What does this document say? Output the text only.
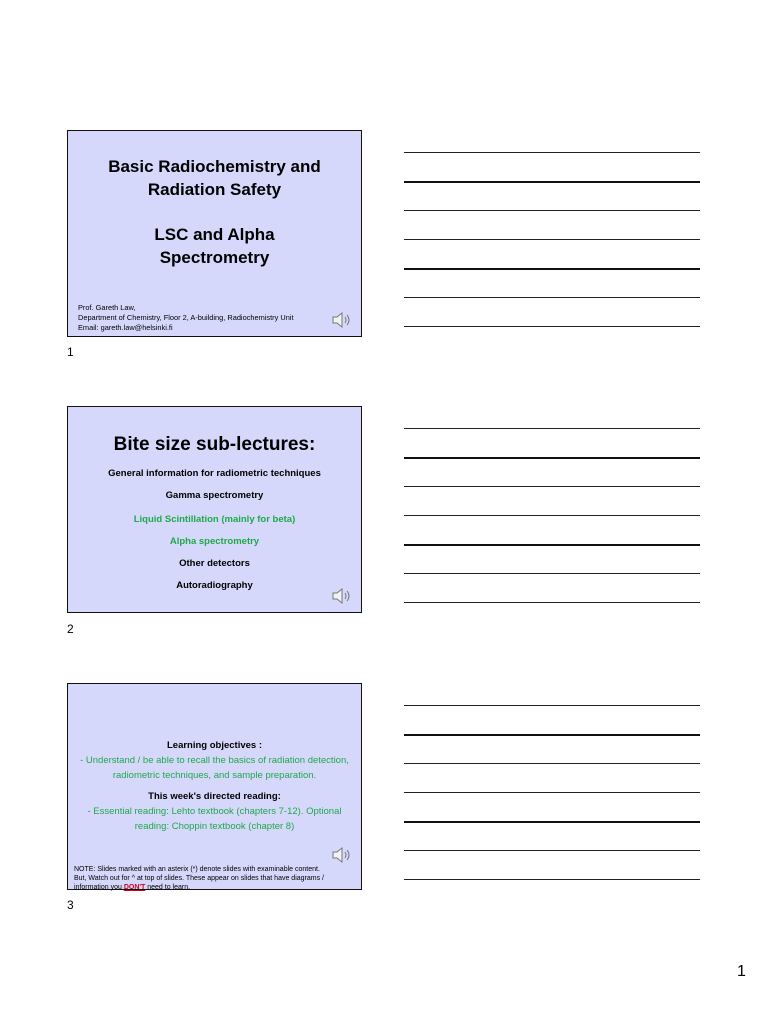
Basic Radiochemistry and
Radiation Safety
LSC and Alpha
Spectrometry
Prof. Gareth Law,
Department of Chemistry, Floor 2, A-building, Radiochemistry Unit
Email: gareth.law@helsinki.fi
1
Bite size sub-lectures:
General information for radiometric techniques
Gamma spectrometry
Liquid Scintillation (mainly for beta)
Alpha spectrometry
Other detectors
Autoradiography
2
Learning objectives :
- Understand / be able to recall the basics of radiation detection, radiometric techniques, and sample preparation.
This week's directed reading:
- Essential reading: Lehto textbook (chapters 7-12). Optional reading: Choppin textbook (chapter 8)
NOTE: Slides marked with an asterix (*) denote slides with examinable content. But, Watch out for ^ at top of slides. These appear on slides that have diagrams / information you DON'T need to learn.
3
1
